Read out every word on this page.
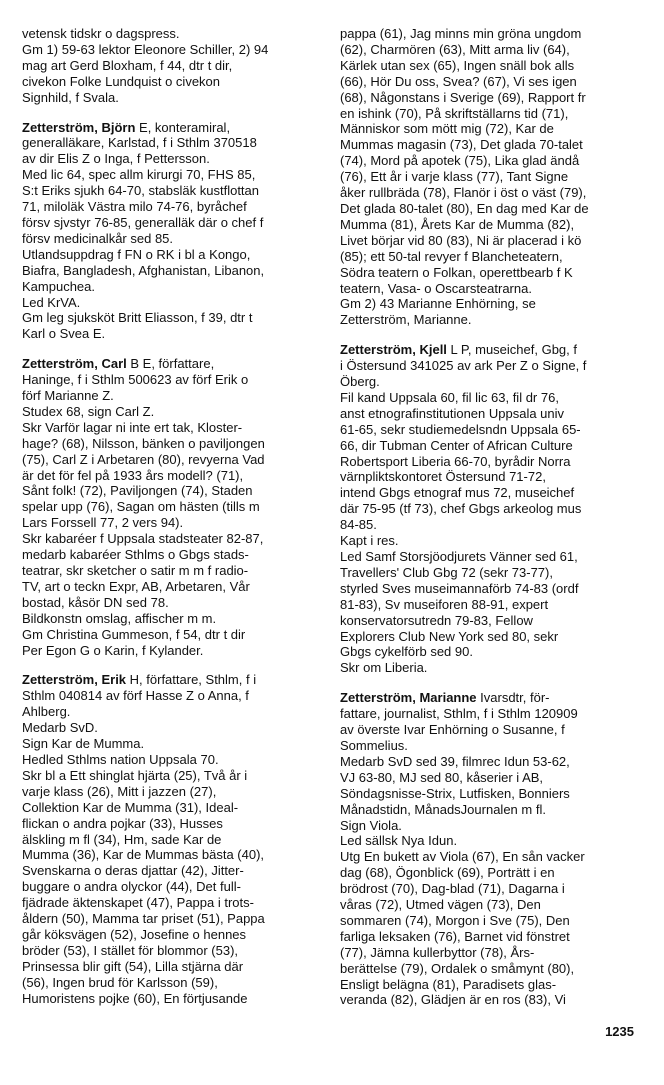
vetensk tidskr o dagspress.
Gm 1) 59-63 lektor Eleonore Schiller, 2) 94
mag art Gerd Bloxham, f 44, dtr t dir,
civekon Folke Lundquist o civekon
Signhild, f Svala.
Zetterström, Björn E, konteramiral,
generalläkare, Karlstad, f i Sthlm 370518
av dir Elis Z o Inga, f Pettersson.
Med lic 64, spec allm kirurgi 70, FHS 85,
S:t Eriks sjukh 64-70, stabsläk kustflottan
71, miloläk Västra milo 74-76, byråchef
försv sjvstyr 76-85, generalläk där o chef f
försv medicinalkår sed 85.
Utlandsuppdrag f FN o RK i bl a Kongo,
Biafra, Bangladesh, Afghanistan, Libanon,
Kampuchea.
Led KrVA.
Gm leg sjuksköt Britt Eliasson, f 39, dtr t
Karl o Svea E.
Zetterström, Carl B E, författare,
Haninge, f i Sthlm 500623 av förf Erik o
förf Marianne Z.
Studex 68, sign Carl Z.
Skr Varför lagar ni inte ert tak, Kloster-
hage? (68), Nilsson, bänken o paviljongen
(75), Carl Z i Arbetaren (80), revyerna Vad
är det för fel på 1933 års modell? (71),
Sånt folk! (72), Paviljongen (74), Staden
spelar upp (76), Sagan om hästen (tills m
Lars Forssell 77, 2 vers 94).
Skr kabaréer f Uppsala stadsteater 82-87,
medarb kabaréer Sthlms o Gbgs stads-
teatrar, skr sketcher o satir m m f radio-
TV, art o teckn Expr, AB, Arbetaren, Vår
bostad, kåsör DN sed 78.
Bildkonstn omslag, affischer m m.
Gm Christina Gummeson, f 54, dtr t dir
Per Egon G o Karin, f Kylander.
Zetterström, Erik H, författare, Sthlm, f i
Sthlm 040814 av förf Hasse Z o Anna, f
Ahlberg.
Medarb SvD.
Sign Kar de Mumma.
Hedled Sthlms nation Uppsala 70.
Skr bl a Ett shinglat hjärta (25), Två år i
varje klass (26), Mitt i jazzen (27),
Collektion Kar de Mumma (31), Ideal-
flickan o andra pojkar (33), Husses
älskling m fl (34), Hm, sade Kar de
Mumma (36), Kar de Mummas bästa (40),
Svenskarna o deras djattar (42), Jitter-
buggare o andra olyckor (44), Det full-
fjädrade äktenskapet (47), Pappa i trots-
åldern (50), Mamma tar priset (51), Pappa
går köksvägen (52), Josefine o hennes
bröder (53), I stället för blommor (53),
Prinsessa blir gift (54), Lilla stjärna där
(56), Ingen brud för Karlsson (59),
Humoristens pojke (60), En förtjusande
pappa (61), Jag minns min gröna ungdom
(62), Charmören (63), Mitt arma liv (64),
Kärlek utan sex (65), Ingen snäll bok alls
(66), Hör Du oss, Svea? (67), Vi ses igen
(68), Någonstans i Sverige (69), Rapport fr
en ishink (70), På skriftställarns tid (71),
Människor som mött mig (72), Kar de
Mummas magasin (73), Det glada 70-talet
(74), Mord på apotek (75), Lika glad ändå
(76), Ett år i varje klass (77), Tant Signe
åker rullbräda (78), Flanör i öst o väst (79),
Det glada 80-talet (80), En dag med Kar de
Mumma (81), Årets Kar de Mumma (82),
Livet börjar vid 80 (83), Ni är placerad i kö
(85); ett 50-tal revyer f Blancheteatern,
Södra teatern o Folkan, operettbearb f K
teatern, Vasa- o Oscarsteatrarna.
Gm 2) 43 Marianne Enhörning, se
Zetterström, Marianne.
Zetterström, Kjell L P, museichef, Gbg, f
i Östersund 341025 av ark Per Z o Signe, f
Öberg.
Fil kand Uppsala 60, fil lic 63, fil dr 76,
anst etnografinstitutionen Uppsala univ
61-65, sekr studiemedelsndn Uppsala 65-
66, dir Tubman Center of African Culture
Robertsport Liberia 66-70, byrådir Norra
värnpliktskontoret Östersund 71-72,
intend Gbgs etnograf mus 72, museichef
där 75-95 (tf 73), chef Gbgs arkeolog mus
84-85.
Kapt i res.
Led Samf Storsjöodjurets Vänner sed 61,
Travellers' Club Gbg 72 (sekr 73-77),
styrled Sves museimannaförb 74-83 (ordf
81-83), Sv museiforen 88-91, expert
konservatorsutredn 79-83, Fellow
Explorers Club New York sed 80, sekr
Gbgs cykelförb sed 90.
Skr om Liberia.
Zetterström, Marianne Ivarsdtr, för-
fattare, journalist, Sthlm, f i Sthlm 120909
av överste Ivar Enhörning o Susanne, f
Sommelius.
Medarb SvD sed 39, filmrec Idun 53-62,
VJ 63-80, MJ sed 80, kåserier i AB,
Söndagsnisse-Strix, Lutfisken, Bonniers
Månadstidn, MånadsJournalen m fl.
Sign Viola.
Led sällsk Nya Idun.
Utg En bukett av Viola (67), En sån vacker
dag (68), Ögonblick (69), Porträtt i en
brödrost (70), Dag-blad (71), Dagarna i
våras (72), Utmed vägen (73), Den
sommaren (74), Morgon i Sve (75), Den
farliga leksaken (76), Barnet vid fönstret
(77), Jämna kullerbyttor (78), Års-
berättelse (79), Ordalek o småmynt (80),
Ensligt belägna (81), Paradisets glas-
veranda (82), Glädjen är en ros (83), Vi
1235
